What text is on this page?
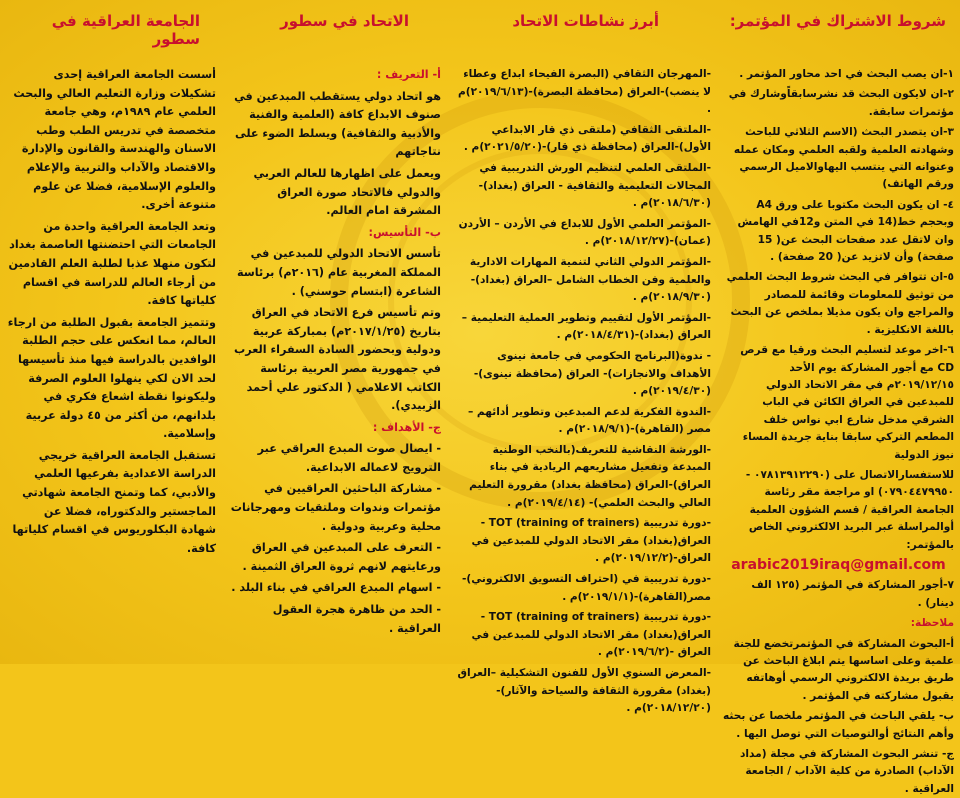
الجامعة العراقية في سطور

أسست الجامعة العراقية إحدى تشكيلات وزارة التعليم العالي والبحث العلمي عام ١٩٨٩م، وهي جامعة متخصصة في تدريس الطب وطب الاسنان والهندسة والقانون والإدارة والاقتصاد والآداب والتربية والإعلام والعلوم الإسلامية، فضلا عن علوم متنوعة أخرى.

وتعد الجامعة العراقية واحدة من الجامعات التي احتضنتها العاصمة بغداد لتكون منهلا عذبا لطلبة العلم القادمين من أرجاء العالم للدراسة في اقسام كلياتها كافة.

وتتميز الجامعة بقبول الطلبة من ارجاء العالم، مما انعكس على حجم الطلبة الوافدين بالدراسة فيها منذ تأسيسها لحد الان لكي ينهلوا العلوم الصرفة وليكونوا نقطة اشعاع فكري في بلدانهم، من أكثر من ٤٥ دولة عربية وإسلامية.

تستقبل الجامعة العراقية خريجي الدراسة الاعدادية بفرعيها العلمي والأدبي، كما وتمنح الجامعة شهادتي الماجستير والدكتوراه، فضلا عن شهادة البكلوريوس في اقسام كلياتها كافة.

الاتحاد في سطور

أ- التعريف :

هو اتحاد دولي يستقطب المبدعين في صنوف الابداع كافة (العلمية والفنية والأدبية والثقافية) ويسلط الضوء على نتاجاتهم

ويعمل على اظهارها للعالم العربي والدولي فالاتحاد صورة العراق المشرقة امام العالم.

ب- التأسيس:

تأسس الاتحاد الدولي للمبدعين في المملكة المغربية عام (٢٠١٦م) برئاسة الشاعرة (ابتسام حوسني) .

وتم تأسيس فرع الاتحاد في العراق بتاريخ (٢٠١٧/١/٢٥م) بمباركة عربية ودولية وبحضور السادة السفراء العرب في جمهورية مصر العربية برئاسة الكاتب الاعلامي ( الدكتور علي أحمد الزبيدي).

ج- الأهداف :

- ايصال صوت المبدع العراقي عبر الترويج لاعماله الابداعية.

- مشاركة الباحثين العراقيين في مؤتمرات وندوات وملتقيات ومهرجانات محلية وعربية ودولية .

- التعرف على المبدعين في العراق ورعايتهم لانهم ثروة العراق الثمينة .

- اسهام المبدع العراقي في بناء البلد .

- الحد من ظاهرة هجرة العقول العراقية .

أبرز نشاطات الاتحاد

-المهرجان الثقافي (البصرة الفيحاء ابداع وعطاء لا ينضب)-العراق (محافظة البصرة)-(٢٠١٩/٦/١٣)م .

-الملتقى الثقافي (ملتقى ذي قار الابداعي الأول)-العراق (محافظة ذي قار)-(٢٠٢١/٥/٢٠)م .

-الملتقى العلمي لتنظيم الورش التدريبية في المجالات التعليمية والثقافية - العراق (بغداد)-(٢٠١٨/٦/٣٠)م .

-المؤتمر العلمي الأول للابداع في الأردن – الأردن (عمان)-(٢٠١٨/١٢/٢٧)م .

-المؤتمر الدولي الثاني لتنمية المهارات الادارية والعلمية وفن الخطاب الشامل –العراق (بغداد)-(٢٠١٨/٩/٣٠)م .

-المؤتمر الأول لتقييم وتطوير العملية التعليمية –العراق (بغداد)-(٢٠١٨/٤/٣١)م .

- ندوة(البرنامج الحكومي في جامعة نينوى الأهداف والانجازات)- العراق (محافظة نينوى)-(٢٠١٩/٤/٣٠)م .

-الندوة الفكرية لدعم المبدعين وتطوير أدائهم –مصر (القاهرة)-(٢٠١٨/٩/١)م .

-الورشة النقاشية للتعريف(بالنخب الوطنية المبدعة وتفعيل مشاريعهم الريادية في بناء العراق)-العراق (محافظة بغداد) مقرورة التعليم العالي والبحث العلمي)- (٢٠١٩/٤/١٤)م .

-دورة تدريبية (TOT (training of trainers - العراق(بغداد) مقر الاتحاد الدولي للمبدعين في العراق-(٢٠١٩/١٢/٢)م .

-دورة تدريبية في (احتراف التسويق الالكتروني)- مصر(القاهرة)-(٢٠١٩/١/١)م .

-دورة تدريبية (TOT (training of trainers - العراق(بغداد) مقر الاتحاد الدولي للمبدعين في العراق -(٢٠١٩/٦/٢)م .

-المعرض السنوي الأول للفنون التشكيلية –العراق (بغداد) مقرورة الثقافة والسياحة والآثار)-(٢٠١٨/١٢/٢٠)م .

شروط الاشتراك في المؤتمر:

١-ان يصب البحث في احد محاور المؤتمر .

٢-ان لايكون البحث قد نشرسابقاًوشارك في مؤتمرات سابقة.

٣-ان يتصدر البحث (الاسم الثلاثي للباحث وشهادته العلمية ولقبه العلمي ومكان عمله وعنوانه التي ينتسب اليهاوالاميل الرسمي ورقم الهاتف)

٤- ان يكون البحث مكتوبا على ورق A4 وبحجم خط(14 في المتن و12في الهامش وان لاتقل عدد صفحات البحث عن( 15 صفحة) وأن لاتزيد عن( 20 صفحة) .

٥-ان تتوافر في البحث شروط البحث العلمي من توثيق للمعلومات وقائمة للمصادر والمراجع وان يكون مذيلا بملخص عن البحث باللغة الانكليزية .

٦-اخر موعد لتسليم البحث ورقيا مع قرص CD مع أجور المشاركة يوم الأحد ٢٠١٩/١٢/١٥م في مقر الاتحاد الدولي للمبدعين في العراق الكائن في الباب الشرقي مدخل شارع ابي نواس خلف المطعم التركي سابقا بناية جريدة المساء نيوز الدولية

للاستفسارالاتصال على (٠٧٨١٣٩١٢٢٩٠ - ٠٧٩٠٤٤٧٩٩٥٠) او مراجعة مقر رئاسة الجامعة العراقية / قسم الشؤون العلمية أوالمراسلة عبر البريد الالكتروني الخاص بالمؤتمر:

arabic2019iraq@gmail.com

٧-أجور المشاركة في المؤتمر (١٢٥ الف دينار) .

ملاحظة:

أ-البحوث المشاركة في المؤتمرتخضع للجنة علمية وعلى اساسها يتم ابلاغ الباحث عن طريق بريدة الالكتروني الرسمي أوهاتفه بقبول مشاركته في المؤتمر .

ب- يلقي الباحث في المؤتمر ملخصا عن بحثه وأهم النتائج أوالتوصيات التي توصل اليها .

ج- تنشر البحوث المشاركة في مجلة (مداد الآداب) الصادرة من كلية الآداب / الجامعة العراقية .
